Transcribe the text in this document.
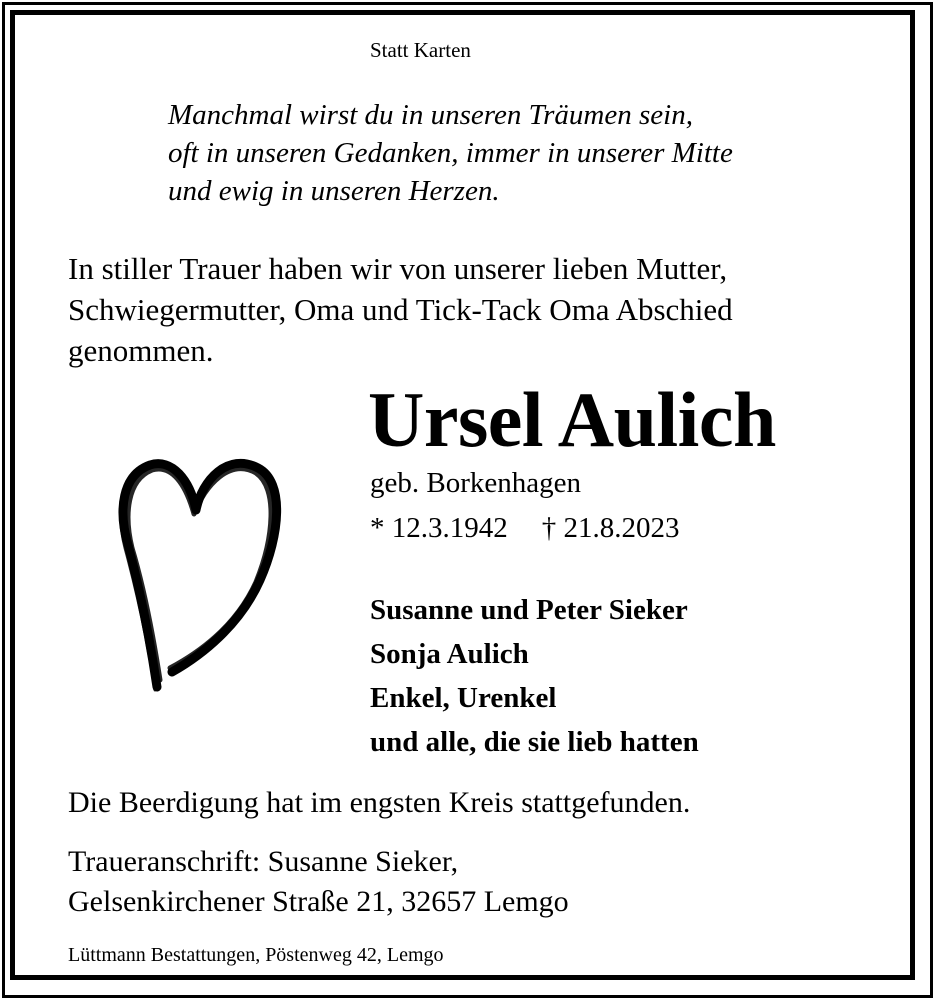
Statt Karten
Manchmal wirst du in unseren Träumen sein,
oft in unseren Gedanken, immer in unserer Mitte
und ewig in unseren Herzen.
In stiller Trauer haben wir von unserer lieben Mutter,
Schwiegermutter, Oma und Tick-Tack Oma Abschied
genommen.
Ursel Aulich
geb. Borkenhagen
* 12.3.1942 † 21.8.2023
Susanne und Peter Sieker
Sonja Aulich
Enkel, Urenkel
und alle, die sie lieb hatten
Die Beerdigung hat im engsten Kreis stattgefunden.
Traueranschrift: Susanne Sieker,
Gelsenkirchener Straße 21, 32657 Lemgo
Lüttmann Bestattungen, Pöstenweg 42, Lemgo
